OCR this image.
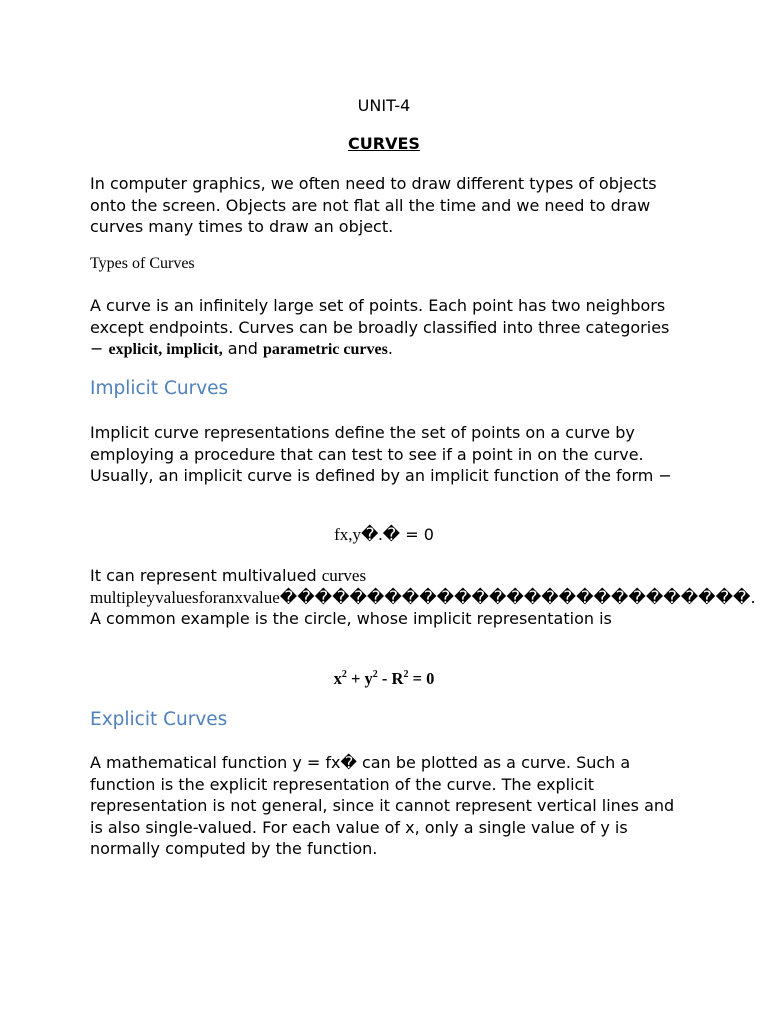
UNIT-4
CURVES

In computer graphics, we often need to draw different types of objects onto the screen. Objects are not flat all the time and we need to draw curves many times to draw an object.

Types of Curves

A curve is an infinitely large set of points. Each point has two neighbors except endpoints. Curves can be broadly classified into three categories − explicit, implicit, and parametric curves.

Implicit Curves

Implicit curve representations define the set of points on a curve by employing a procedure that can test to see if a point in on the curve. Usually, an implicit curve is defined by an implicit function of the form −

fx,y�.� = 0

It can represent multivalued curves multipleyvaluesforanxvalue���������������������������. A common example is the circle, whose implicit representation is

$x^2 + y^2 - R^2 = 0$
Explicit Curves

A mathematical function y = fx� can be plotted as a curve. Such a function is the explicit representation of the curve. The explicit representation is not general, since it cannot represent vertical lines and is also single-valued. For each value of x, only a single value of y is normally computed by the function.
